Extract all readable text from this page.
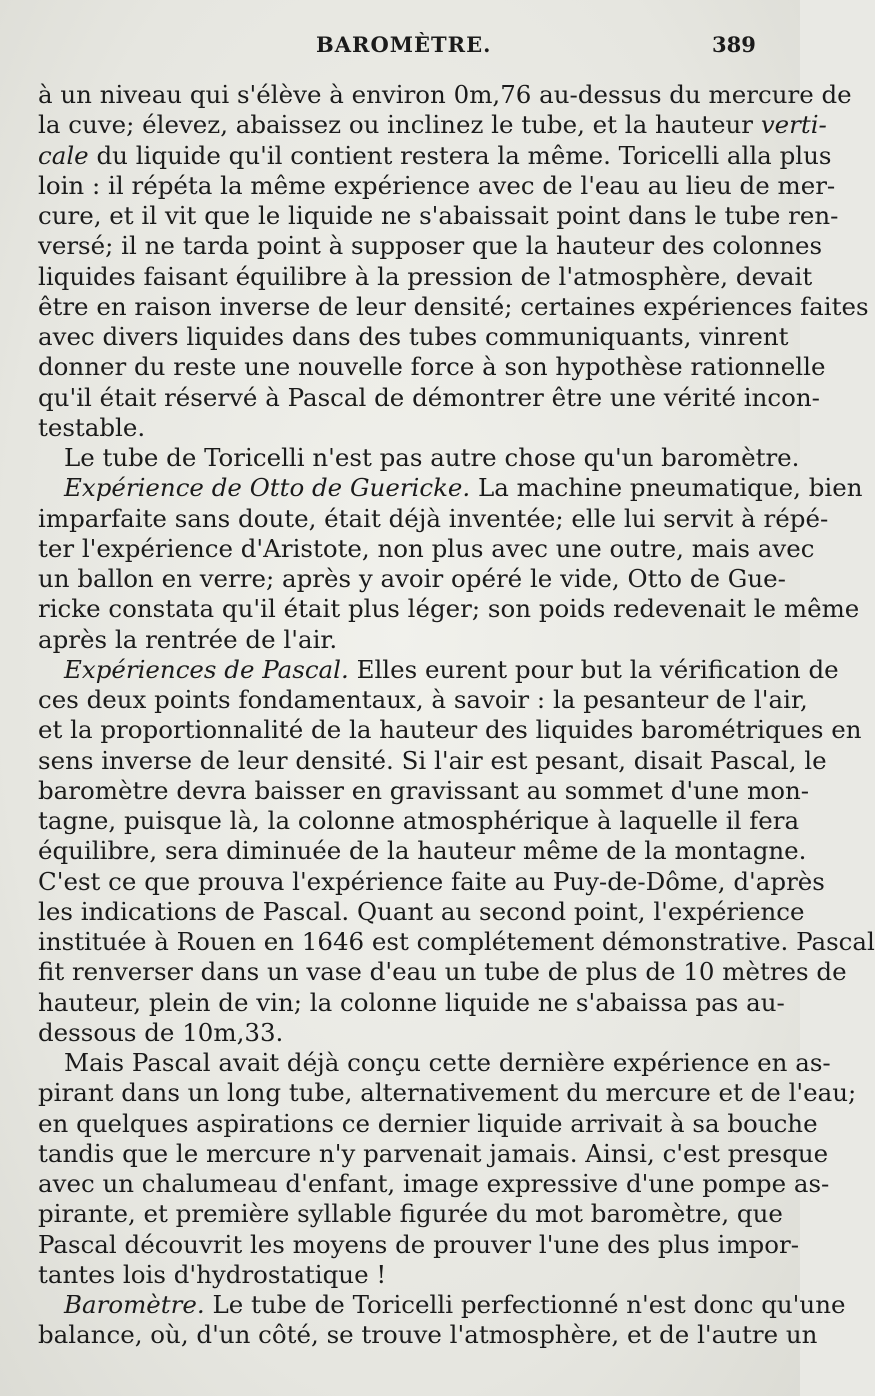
BAROMÈTRE.	389
à un niveau qui s'élève à environ 0m,76 au-dessus du mercure de
la cuve; élevez, abaissez ou inclinez le tube, et la hauteur verti-
cale du liquide qu'il contient restera la même. Toricelli alla plus
loin : il répéta la même expérience avec de l'eau au lieu de mer-
cure, et il vit que le liquide ne s'abaissait point dans le tube ren-
versé; il ne tarda point à supposer que la hauteur des colonnes
liquides faisant équilibre à la pression de l'atmosphère, devait
être en raison inverse de leur densité; certaines expériences faites
avec divers liquides dans des tubes communiquants, vinrent
donner du reste une nouvelle force à son hypothèse rationnelle
qu'il était réservé à Pascal de démontrer être une vérité incon-
testable.
Le tube de Toricelli n'est pas autre chose qu'un baromètre.
Expérience de Otto de Guericke. La machine pneumatique, bien
imparfaite sans doute, était déjà inventée; elle lui servit à répé-
ter l'expérience d'Aristote, non plus avec une outre, mais avec
un ballon en verre; après y avoir opéré le vide, Otto de Gue-
ricke constata qu'il était plus léger; son poids redevenait le même
après la rentrée de l'air.
Expériences de Pascal. Elles eurent pour but la vérification de
ces deux points fondamentaux, à savoir : la pesanteur de l'air,
et la proportionnalité de la hauteur des liquides barométriques en
sens inverse de leur densité. Si l'air est pesant, disait Pascal, le
baromètre devra baisser en gravissant au sommet d'une mon-
tagne, puisque là, la colonne atmosphérique à laquelle il fera
équilibre, sera diminuée de la hauteur même de la montagne.
C'est ce que prouva l'expérience faite au Puy-de-Dôme, d'après
les indications de Pascal. Quant au second point, l'expérience
instituée à Rouen en 1646 est complétement démonstrative. Pascal
fit renverser dans un vase d'eau un tube de plus de 10 mètres de
hauteur, plein de vin; la colonne liquide ne s'abaissa pas au-
dessous de 10m,33.
Mais Pascal avait déjà conçu cette dernière expérience en as-
pirant dans un long tube, alternativement du mercure et de l'eau;
en quelques aspirations ce dernier liquide arrivait à sa bouche
tandis que le mercure n'y parvenait jamais. Ainsi, c'est presque
avec un chalumeau d'enfant, image expressive d'une pompe as-
pirante, et première syllable figurée du mot baromètre, que
Pascal découvrit les moyens de prouver l'une des plus impor-
tantes lois d'hydrostatique !
Baromètre. Le tube de Toricelli perfectionné n'est donc qu'une
balance, où, d'un côté, se trouve l'atmosphère, et de l'autre un
